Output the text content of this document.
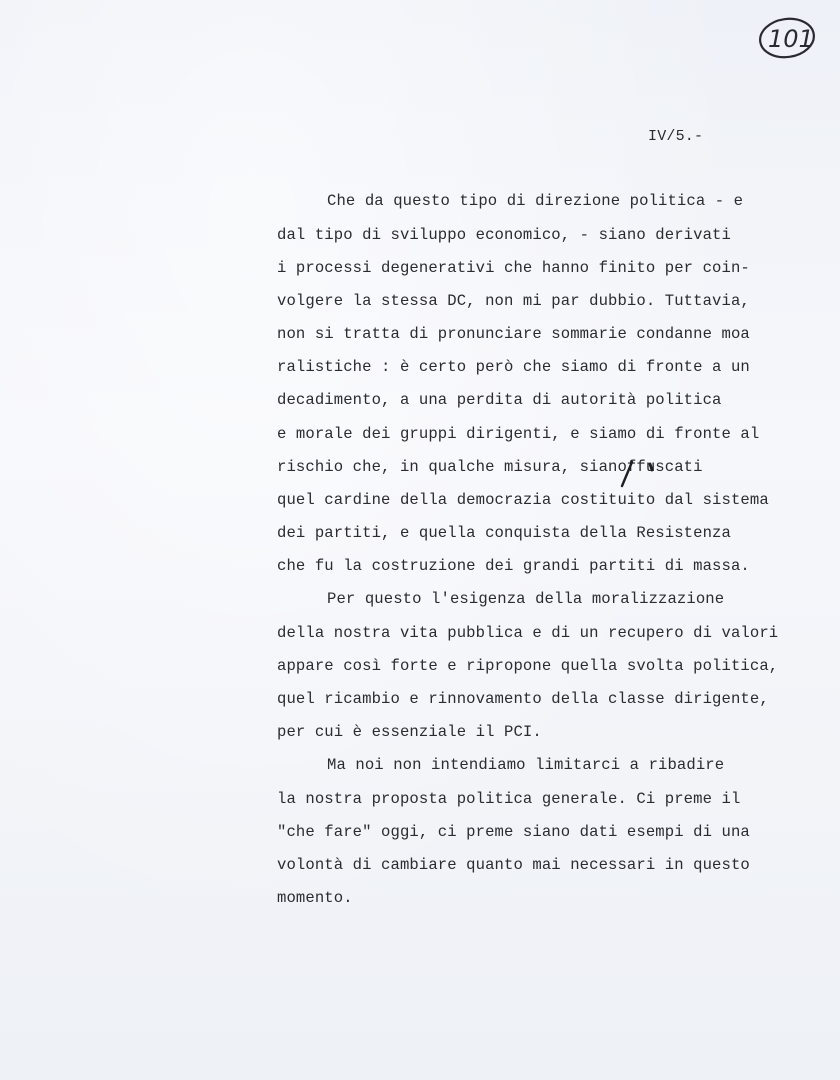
101
IV/5.-
Che da questo tipo di direzione politica - e
dal tipo di sviluppo economico, - siano derivati
i processi degenerativi che hanno finito per coin-
volgere la stessa DC, non mi par dubbio. Tuttavia,
non si tratta di pronunciare sommarie condanne moa
ralistiche : è certo però che siamo di fronte a un
decadimento, a una perdita di autorità politica
e morale dei gruppi dirigenti, e siamo di fronte al
rischio che, in qualche misura, sianoffuscati
quel cardine della democrazia costituito dal sistema
dei partiti, e quella conquista della Resistenza
che fu la costruzione dei grandi partiti di massa.
Per questo l'esigenza della moralizzazione
della nostra vita pubblica e di un recupero di valori
appare così forte e ripropone quella svolta politica,
quel ricambio e rinnovamento della classe dirigente,
per cui è essenziale il PCI.
Ma noi non intendiamo limitarci a ribadire
la nostra proposta politica generale. Ci preme il
"che fare" oggi, ci preme siano dati esempi di una
volontà di cambiare quanto mai necessari in questo
momento.
